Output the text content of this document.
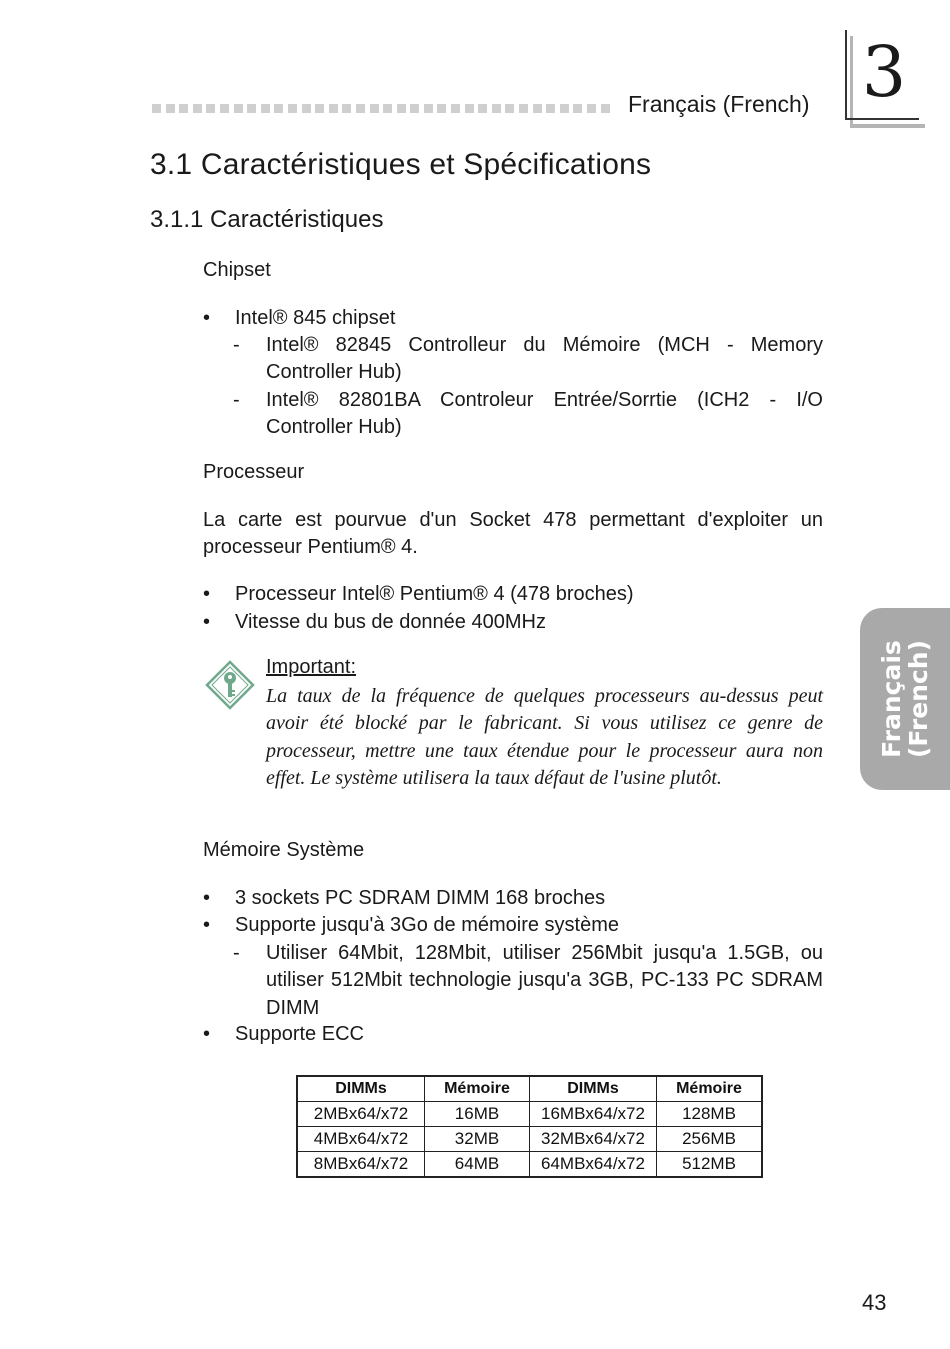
Français (French) 3
3.1 Caractéristiques et Spécifications
3.1.1 Caractéristiques
Chipset
• Intel® 845 chipset
- Intel® 82845 Controlleur du Mémoire (MCH - Memory Controller Hub)
- Intel® 82801BA Controleur Entrée/Sorrtie (ICH2 - I/O Controller Hub)
Processeur
La carte est pourvue d'un Socket 478 permettant d'exploiter un processeur Pentium® 4.
• Processeur Intel® Pentium® 4 (478 broches)
• Vitesse du bus de donnée 400MHz
Important:
La taux de la fréquence de quelques processeurs au-dessus peut avoir été blocké par le fabricant. Si vous utilisez ce genre de processeur, mettre une taux étendue pour le processeur aura non effet. Le système utilisera la taux défaut de l'usine plutôt.
Mémoire Système
• 3 sockets PC SDRAM DIMM 168 broches
• Supporte jusqu'à 3Go de mémoire système
- Utiliser 64Mbit, 128Mbit, utiliser 256Mbit jusqu'a 1.5GB, ou utiliser 512Mbit technologie jusqu'a 3GB, PC-133 PC SDRAM DIMM
• Supporte ECC
DIMMs	Mémoire	DIMMs	Mémoire
2MBx64/x72	16MB	16MBx64/x72	128MB
4MBx64/x72	32MB	32MBx64/x72	256MB
8MBx64/x72	64MB	64MBx64/x72	512MB
Français
(French)
43
